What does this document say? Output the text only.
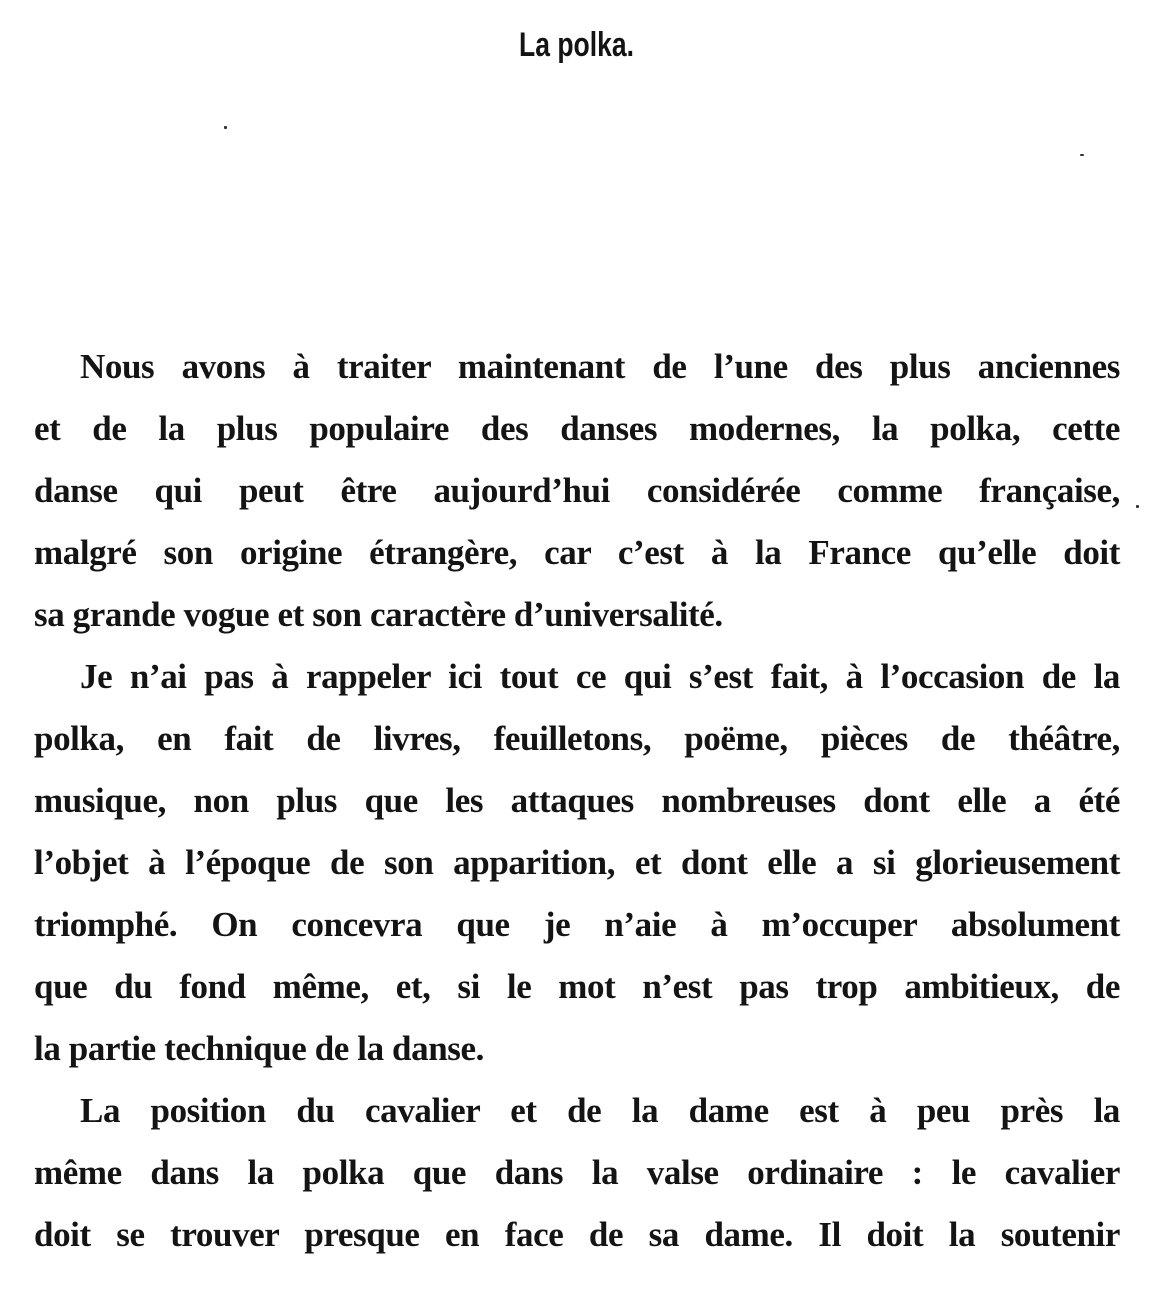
La polka.
Nous avons à traiter maintenant de l’une des plus anciennes
et de la plus populaire des danses modernes, la polka, cette
danse qui peut être aujourd’hui considérée comme française,
malgré son origine étrangère, car c’est à la France qu’elle doit
sa grande vogue et son caractère d’universalité.
Je n’ai pas à rappeler ici tout ce qui s’est fait, à l’occasion de la
polka, en fait de livres, feuilletons, poëme, pièces de théâtre,
musique, non plus que les attaques nombreuses dont elle a été
l’objet à l’époque de son apparition, et dont elle a si glorieusement
triomphé. On concevra que je n’aie à m’occuper absolument
que du fond même, et, si le mot n’est pas trop ambitieux, de
la partie technique de la danse.
La position du cavalier et de la dame est à peu près la
même dans la polka que dans la valse ordinaire : le cavalier
doit se trouver presque en face de sa dame. Il doit la soutenir
